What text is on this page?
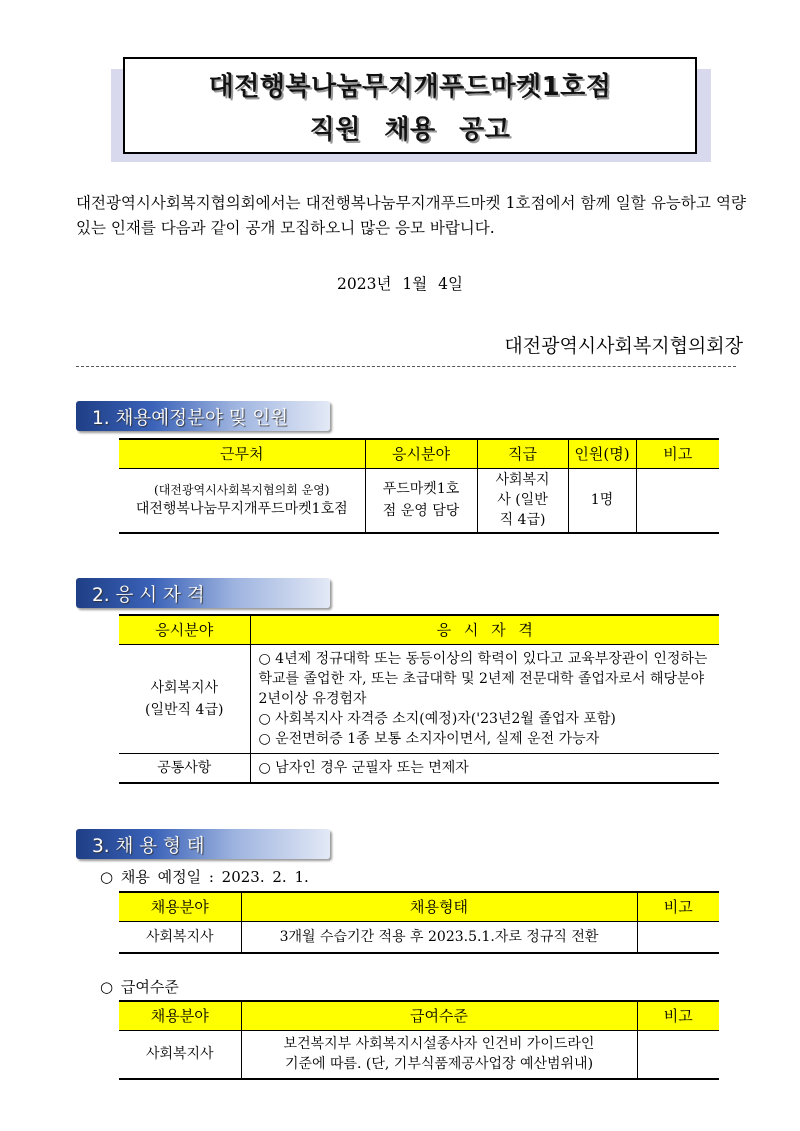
대전행복나눔무지개푸드마켓1호점
직원 채용 공고
대전광역시사회복지협의회에서는 대전행복나눔무지개푸드마켓 1호점에서 함께 일할 유능하고 역량있는 인재를 다음과 같이 공개 모집하오니 많은 응모 바랍니다.
2023년 1월 4일
대전광역시사회복지협의회장
1. 채용예정분야 및 인원
근무처	응시분야	직급	인원(명)	비고

(대전광역시사회복지협의회 운영)
대전행복나눔무지개푸드마켓1호점	푸드마켓1호점 운영 담당	사회복지사 (일반직 4급)	1명	
2. 응 시 자 격
응시분야	응 시 자 격
사회복지사 (일반직 4급)	○ 4년제 정규대학 또는 동등이상의 학력이 있다고 교육부장관이 인정하는 학교를 졸업한 자, 또는 초급대학 및 2년제 전문대학 졸업자로서 해당분야 2년이상 유경험자
○ 사회복지사 자격증 소지(예정)자('23년2월 졸업자 포함)
○ 운전면허증 1종 보통 소지자이면서, 실제 운전 가능자

공통사항	○ 남자인 경우 군필자 또는 면제자
3. 채 용 형 태
○ 채용 예정일 : 2023. 2. 1.
채용분야	채용형태	비고
사회복지사	3개월 수습기간 적용 후 2023.5.1.자로 정규직 전환	
○ 급여수준
채용분야	급여수준	비고
사회복지사	보건복지부 사회복지시설종사자 인건비 가이드라인 기준에 따름. (단, 기부식품제공사업장 예산범위내)	
